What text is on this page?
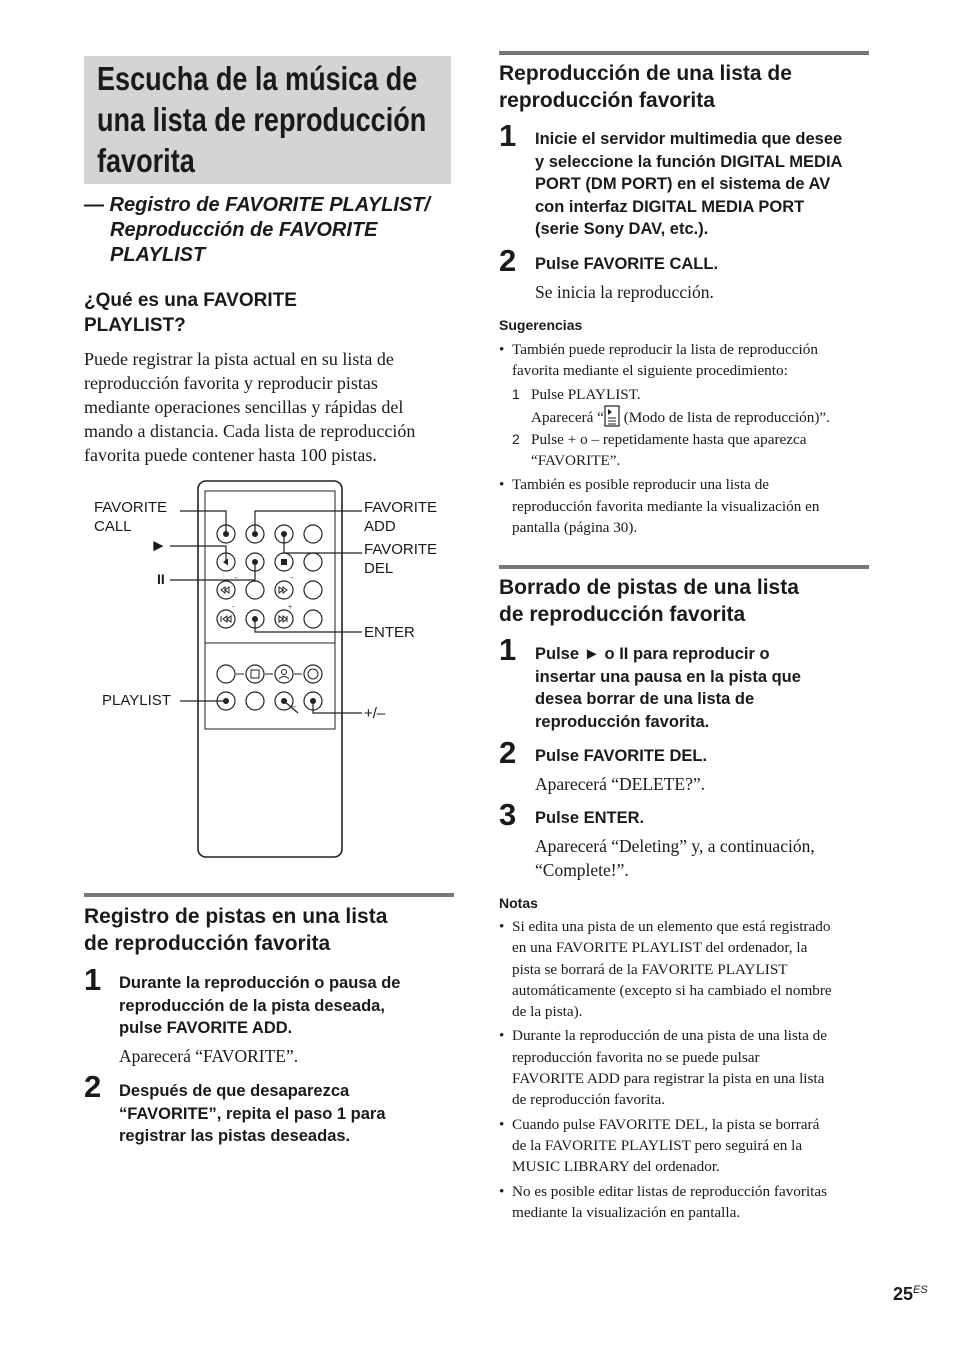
Escucha de la música de
una lista de reproducción
favorita
— Registro de FAVORITE PLAYLIST/
Reproducción de FAVORITE
PLAYLIST
¿Qué es una FAVORITE
PLAYLIST?
Puede registrar la pista actual en su lista de
reproducción favorita y reproducir pistas
mediante operaciones sencillas y rápidas del
mando a distancia. Cada lista de reproducción
favorita puede contener hasta 100 pistas.
←	→
-	+
–
FAVORITE
CALL
►
II
FAVORITE
ADD
FAVORITE
DEL
ENTER
PLAYLIST
+/–
Registro de pistas en una lista
de reproducción favorita
1 Durante la reproducción o pausa de
reproducción de la pista deseada,
pulse FAVORITE ADD.
Aparecerá “FAVORITE”.
2 Después de que desaparezca
“FAVORITE”, repita el paso 1 para
registrar las pistas deseadas.
Reproducción de una lista de
reproducción favorita
1 Inicie el servidor multimedia que desee
y seleccione la función DIGITAL MEDIA
PORT (DM PORT) en el sistema de AV
con interfaz DIGITAL MEDIA PORT
(serie Sony DAV, etc.).
2 Pulse FAVORITE CALL.
Se inicia la reproducción.
Sugerencias
• También puede reproducir la lista de reproducción
favorita mediante el siguiente procedimiento:
1 Pulse PLAYLIST.
Aparecerá “ (Modo de lista de reproducción)”.
2 Pulse + o – repetidamente hasta que aparezca
“FAVORITE”.
• También es posible reproducir una lista de
reproducción favorita mediante la visualización en
pantalla (página 30).
Borrado de pistas de una lista
de reproducción favorita
1 Pulse ► o II para reproducir o
insertar una pausa en la pista que
desea borrar de una lista de
reproducción favorita.
2 Pulse FAVORITE DEL.
Aparecerá “DELETE?”.
3 Pulse ENTER.
Aparecerá “Deleting” y, a continuación,
“Complete!”.
Notas
• Si edita una pista de un elemento que está registrado
en una FAVORITE PLAYLIST del ordenador, la
pista se borrará de la FAVORITE PLAYLIST
automáticamente (excepto si ha cambiado el nombre
de la pista).
• Durante la reproducción de una pista de una lista de
reproducción favorita no se puede pulsar
FAVORITE ADD para registrar la pista en una lista
de reproducción favorita.
• Cuando pulse FAVORITE DEL, la pista se borrará
de la FAVORITE PLAYLIST pero seguirá en la
MUSIC LIBRARY del ordenador.
• No es posible editar listas de reproducción favoritas
mediante la visualización en pantalla.
$25^{ES}$
